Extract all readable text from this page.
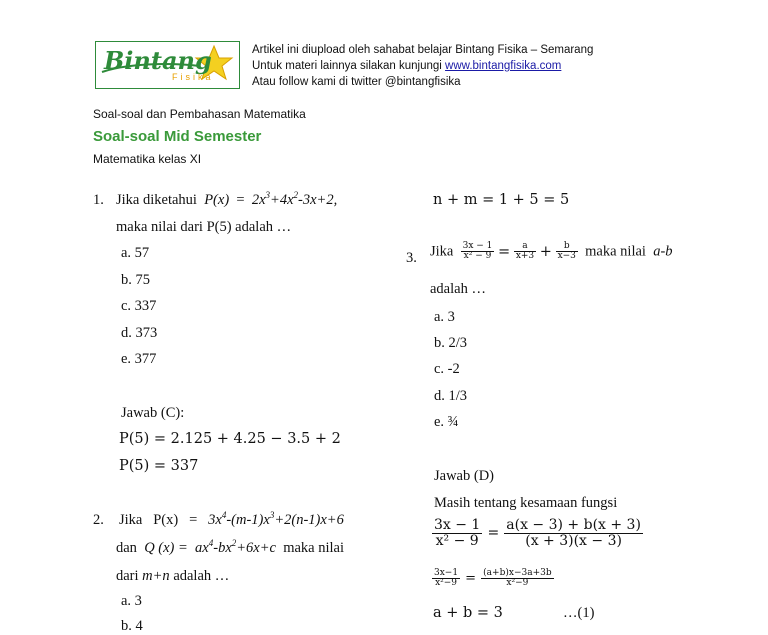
Bintang
Fisika
Artikel ini diupload oleh sahabat belajar Bintang Fisika – Semarang
Untuk materi lainnya silakan kunjungi www.bintangfisika.com
Atau follow kami di twitter @bintangfisika
Soal-soal dan Pembahasan Matematika
Soal-soal Mid Semester
Matematika kelas XI
1. Jika diketahui $P(x) = 2x^3+4x^2-3x+2$,
maka nilai dari P(5) adalah …
a. 57
b. 75
c. 337
d. 373
e. 377
Jawab (C):
P(5) = 2.125 + 4.25 − 3.5 + 2
P(5) = 337
2. Jika $P(x) = 3x^4-(m-1)x^3+2(n-1)x+6$
dan Q $(x) = ax^4-bx^2+6x+c$ maka nilai
dari m+n adalah …
a. 3
b. 4
n + m = 1 + 5 = 5
3. Jika $\frac{3x - 1}{\text{x² − 9}} = \frac{a}{x+3} + \frac{b}{x-3}$ maka nilai a-b
adalah …
a. 3
b. 2/3
c. -2
d. 1/3
e. ¾
Jawab (D)
Masih tentang kesamaan fungsi
$\frac{3x - 1}{\text{x² − 9}} = \frac{a(x - 3) + b(x + 3)}{(x + 3)(x - 3)}$
$\frac{3x-1}{\text{x²−9}} = \frac{(a+b)x-3a+3b}{\text{x²−9}}$
a + b = 3	…(1)
